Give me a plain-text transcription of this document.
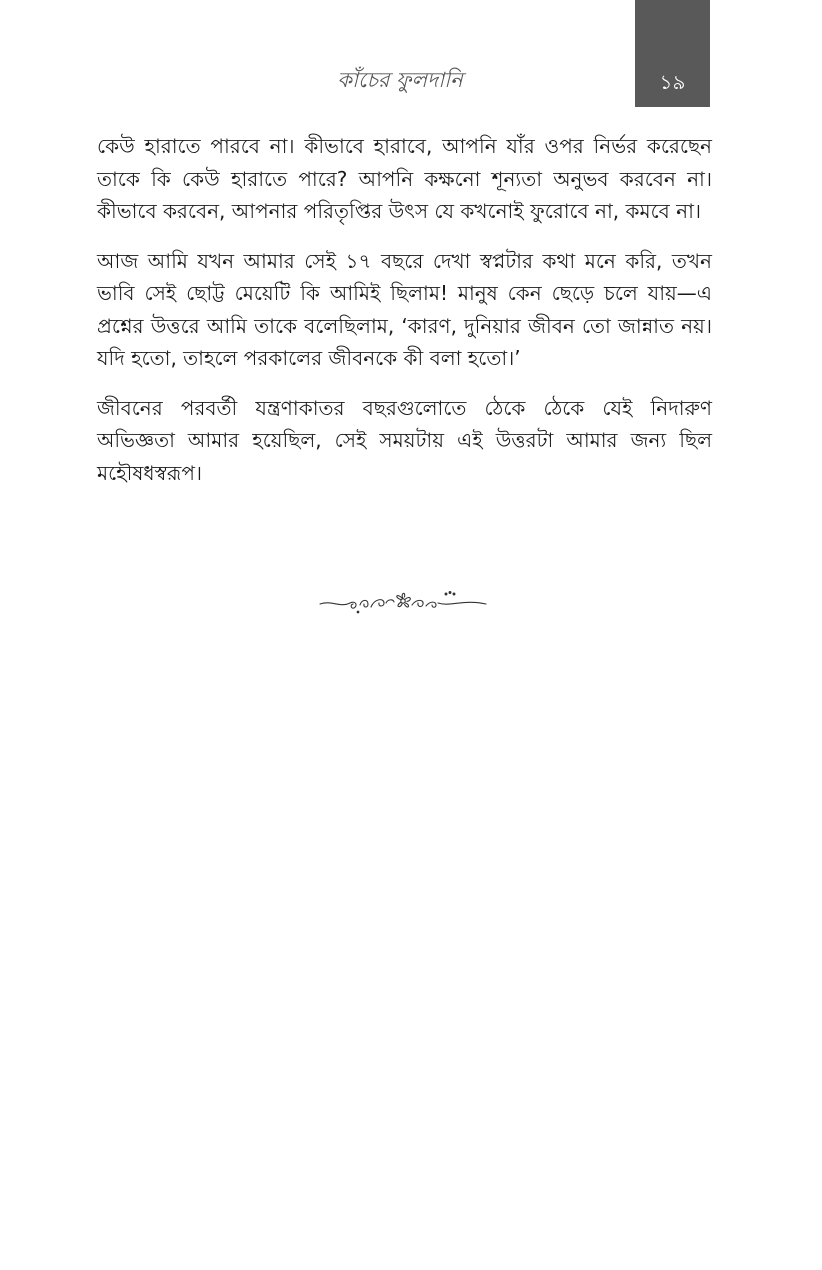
কাঁচের ফুলদানি	১৯

কেউ হারাতে পারবে না। কীভাবে হারাবে, আপনি যাঁর ওপর নির্ভর করেছেন তাকে কি কেউ হারাতে পারে? আপনি কক্ষনো শূন্যতা অনুভব করবেন না। কীভাবে করবেন, আপনার পরিতৃপ্তির উৎস যে কখনোই ফুরোবে না, কমবে না।

আজ আমি যখন আমার সেই ১৭ বছরে দেখা স্বপ্নটার কথা মনে করি, তখন ভাবি সেই ছোট্ট মেয়েটি কি আমিই ছিলাম! মানুষ কেন ছেড়ে চলে যায়—এ প্রশ্নের উত্তরে আমি তাকে বলেছিলাম, ‘কারণ, দুনিয়ার জীবন তো জান্নাত নয়। যদি হতো, তাহলে পরকালের জীবনকে কী বলা হতো।’

জীবনের পরবর্তী যন্ত্রণাকাতর বছরগুলোতে ঠেকে ঠেকে যেই নিদারুণ অভিজ্ঞতা আমার হয়েছিল, সেই সময়টায় এই উত্তরটা আমার জন্য ছিল মহৌষধস্বরূপ।
